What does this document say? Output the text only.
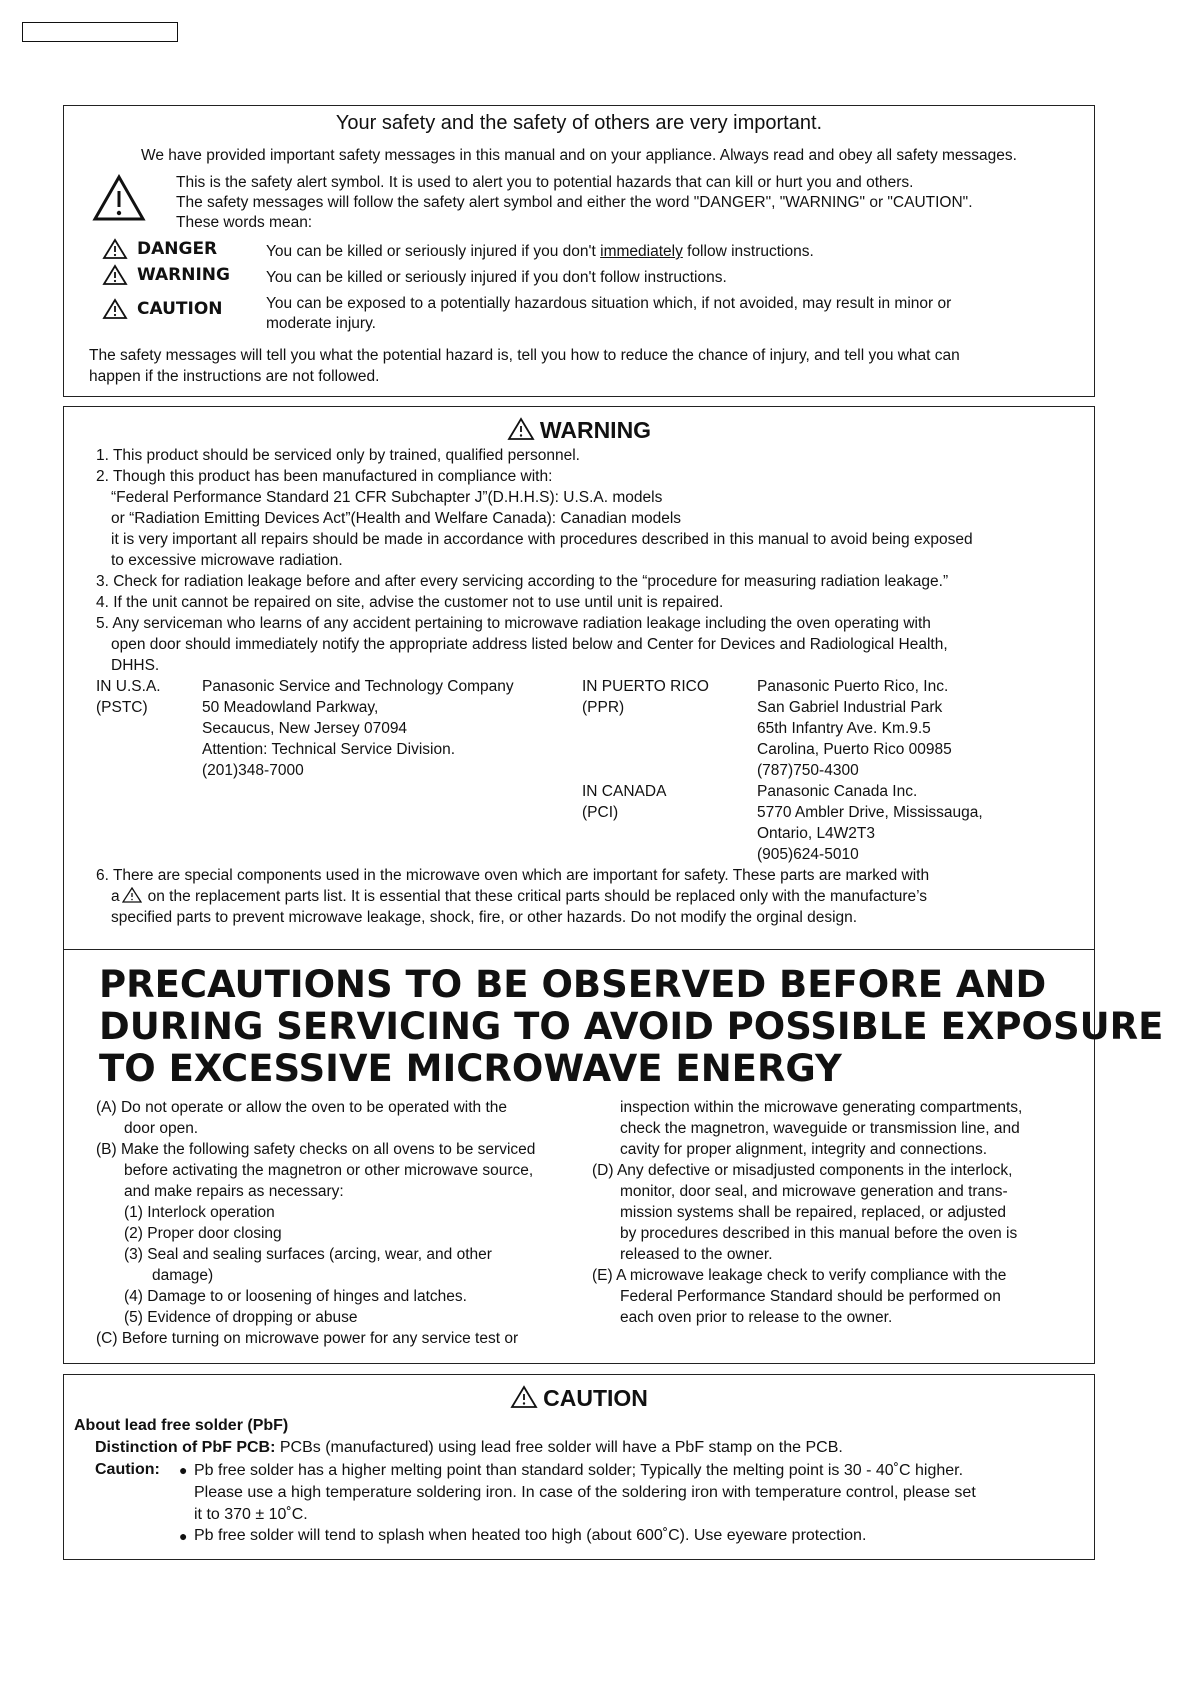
Your safety and the safety of others are very important.
We have provided important safety messages in this manual and on your appliance. Always read and obey all safety messages.
This is the safety alert symbol. It is used to alert you to potential hazards that can kill or hurt you and others.
The safety messages will follow the safety alert symbol and either the word "DANGER", "WARNING" or "CAUTION".
These words mean:
DANGER	You can be killed or seriously injured if you don't immediately follow instructions.
WARNING You can be killed or seriously injured if you don't follow instructions.
CAUTION	You can be exposed to a potentially hazardous situation which, if not avoided, may result in minor or
moderate injury.
The safety messages will tell you what the potential hazard is, tell you how to reduce the chance of injury, and tell you what can
happen if the instructions are not followed.
WARNING
1. This product should be serviced only by trained, qualified personnel.
2. Though this product has been manufactured in compliance with:
“Federal Performance Standard 21 CFR Subchapter J”(D.H.H.S): U.S.A. models
or “Radiation Emitting Devices Act”(Health and Welfare Canada): Canadian models
it is very important all repairs should be made in accordance with procedures described in this manual to avoid being exposed
to excessive microwave radiation.
3. Check for radiation leakage before and after every servicing according to the “procedure for measuring radiation leakage.”
4. If the unit cannot be repaired on site, advise the customer not to use until unit is repaired.
5. Any serviceman who learns of any accident pertaining to microwave radiation leakage including the oven operating with
open door should immediately notify the appropriate address listed below and Center for Devices and Radiological Health,
DHHS.
IN U.S.A.
(PSTC)
Panasonic Service and Technology Company
50 Meadowland Parkway,
Secaucus, New Jersey 07094
Attention: Technical Service Division.
(201)348-7000
IN PUERTO RICO
(PPR)
Panasonic Puerto Rico, Inc.
San Gabriel Industrial Park
65th Infantry Ave. Km.9.5
Carolina, Puerto Rico 00985
(787)750-4300
IN CANADA
(PCI)
Panasonic Canada Inc.
5770 Ambler Drive, Mississauga,
Ontario, L4W2T3
(905)624-5010
6. There are special components used in the microwave oven which are important for safety. These parts are marked with
a on the replacement parts list. It is essential that these critical parts should be replaced only with the manufacture’s
specified parts to prevent microwave leakage, shock, fire, or other hazards. Do not modify the orginal design.
PRECAUTIONS TO BE OBSERVED BEFORE AND
DURING SERVICING TO AVOID POSSIBLE EXPOSURE
TO EXCESSIVE MICROWAVE ENERGY
(A) Do not operate or allow the oven to be operated with the
door open.
(B) Make the following safety checks on all ovens to be serviced
before activating the magnetron or other microwave source,
and make repairs as necessary:
(1) Interlock operation
(2) Proper door closing
(3) Seal and sealing surfaces (arcing, wear, and other
damage)
(4) Damage to or loosening of hinges and latches.
(5) Evidence of dropping or abuse
(C) Before turning on microwave power for any service test or
inspection within the microwave generating compartments,
check the magnetron, waveguide or transmission line, and
cavity for proper alignment, integrity and connections.
(D) Any defective or misadjusted components in the interlock,
monitor, door seal, and microwave generation and trans-
mission systems shall be repaired, replaced, or adjusted
by procedures described in this manual before the oven is
released to the owner.
(E) A microwave leakage check to verify compliance with the
Federal Performance Standard should be performed on
each oven prior to release to the owner.
CAUTION
About lead free solder (PbF)
Distinction of PbF PCB: PCBs (manufactured) using lead free solder will have a PbF stamp on the PCB.
Caution: ● Pb free solder has a higher melting point than standard solder; Typically the melting point is 30 - 40˚C higher.
Please use a high temperature soldering iron. In case of the soldering iron with temperature control, please set
it to 370 ± 10˚C.
● Pb free solder will tend to splash when heated too high (about 600˚C). Use eyeware protection.
